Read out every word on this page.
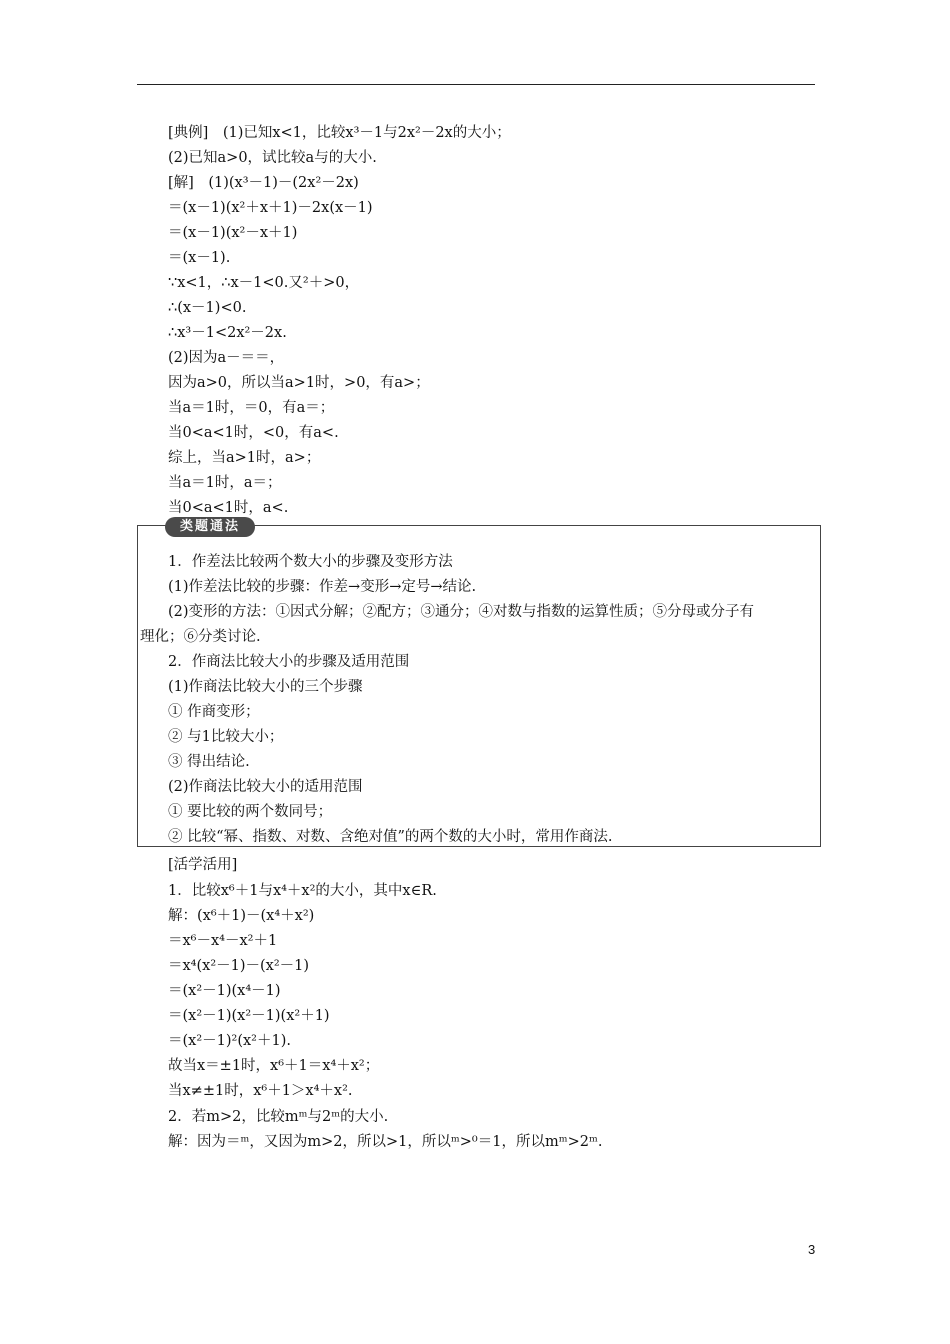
[典例]　(1)已知x<1，比较x³－1与2x²－2x的大小；
(2)已知a>0，试比较a与的大小.
[解]　(1)(x³－1)－(2x²－2x)
＝(x－1)(x²＋x＋1)－2x(x－1)
＝(x－1)(x²－x＋1)
＝(x－1).
∵x<1，∴x－1<0.又²＋>0，
∴(x－1)<0.
∴x³－1<2x²－2x.
(2)因为a－＝＝，
因为a>0，所以当a>1时，>0，有a>；
当a＝1时，＝0，有a＝；
当0<a<1时，<0，有a<.
综上，当a>1时，a>；
当a＝1时，a＝；
当0<a<1时，a<.
类题通法
1．作差法比较两个数大小的步骤及变形方法
(1)作差法比较的步骤：作差→变形→定号→结论.
(2)变形的方法：①因式分解；②配方；③通分；④对数与指数的运算性质；⑤分母或分子有
理化；⑥分类讨论.
2．作商法比较大小的步骤及适用范围
(1)作商法比较大小的三个步骤
① 作商变形；
② 与1比较大小；
③ 得出结论.
(2)作商法比较大小的适用范围
① 要比较的两个数同号；
② 比较“幂、指数、对数、含绝对值”的两个数的大小时，常用作商法.
[活学活用]
1．比较x⁶＋1与x⁴＋x²的大小，其中x∈R.
解：(x⁶＋1)－(x⁴＋x²)
＝x⁶－x⁴－x²＋1
＝x⁴(x²－1)－(x²－1)
＝(x²－1)(x⁴－1)
＝(x²－1)(x²－1)(x²＋1)
＝(x²－1)²(x²＋1).
故当x＝±1时，x⁶＋1＝x⁴＋x²；
当x≠±1时，x⁶＋1＞x⁴＋x².
2．若m>2，比较mᵐ与2ᵐ的大小.
解：因为＝ᵐ，又因为m>2，所以>1，所以ᵐ>⁰＝1，所以mᵐ>2ᵐ.
3
